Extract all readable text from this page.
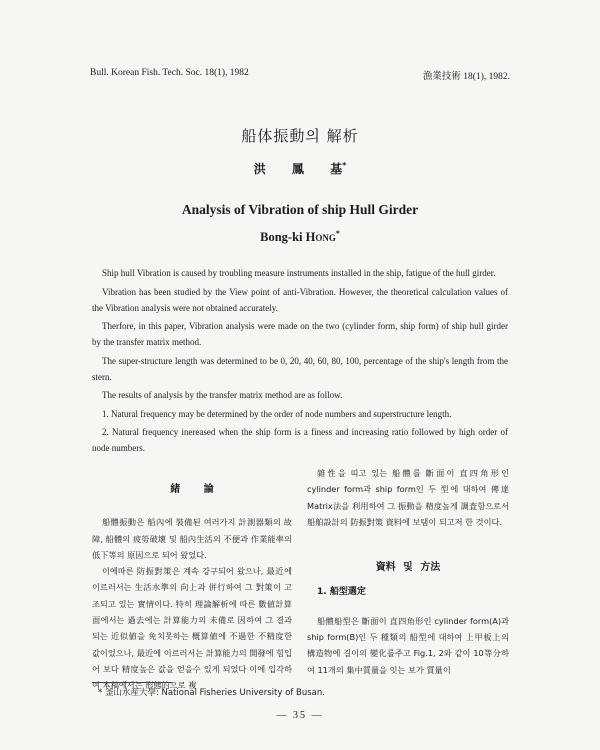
Bull. Korean Fish. Tech. Soc. 18(1), 1982	漁業技術 18(1), 1982.
船体振動의 解析
洪 鳳 基*
Analysis of Vibration of ship Hull Girder
Bong-ki Hong*

Ship hull Vibration is caused by troubling measure instruments installed in the ship, fatigue of the hull girder.

Vibration has been studied by the View point of anti-Vibration. However, the theoretical calculation values of the Vibration analysis were not obtained accurately.

Therfore, in this paper, Vibration analysis were made on the two (cylinder form, ship form) of ship hull girder by the transfer matrix method.

The super-structure length was determined to be 0, 20, 40, 60, 80, 100, percentage of the ship's length from the stern.

The results of analysis by the transfer matrix method are as follow.

1. Natural frequency may be determined by the order of node numbers and superstructure length.

2. Natural frequency inereased when the ship form is a finess and increasing ratio followed by high order of node numbers.

緒 論

船體振動은 船內에 裝備된 여러가지 計測器類의 故障, 船體의 疲勞破壞 및 船內生活의 不便과 作業能率의 低下等의 原因으로 되어 왔었다.

이에따른 防振對策은 계속 강구되어 왔으나, 最近에 이르러서는 生活水準의 向上과 併行하여 그 對策이 고조되고 있는 實情이다. 特히 理論解析에 따른 數値計算面에서는 過去에는 計算能力의 未備로 因하여 그 결과되는 近似値을 免치못하는 概算値에 不過한 不精度한 값이었으나, 最近에 이르러서는 計算能力의 開發에 힘입어 보다 精度높은 값을 얻을수 있게 되었다 이에 입각하여 本稿에서는 形態的으로 複

雜性을 띠고 있는 船體를 斷面이 直四角形인 cylinder form과 ship form인 두 型에 대하여 傳達 Matrix法을 利用하여 그 振動을 精度높게 調査함으로서 船舶設計의 防振對策 資料에 보탬이 되고저 한 것이다.

資料 및 方法
1. 船型選定

船體船型은 斷面이 直四角形인 cylinder form(A)과 ship form(B)인 두 種類의 船型에 대하여 上甲板上의 構造物에 길이의 變化를주고 Fig.1, 2와 같이 10等分하여 11개의 集中質量을 잇는 보가 質量이

* 釜山水産大學: National Fisheries University of Busan.
— 35 —
